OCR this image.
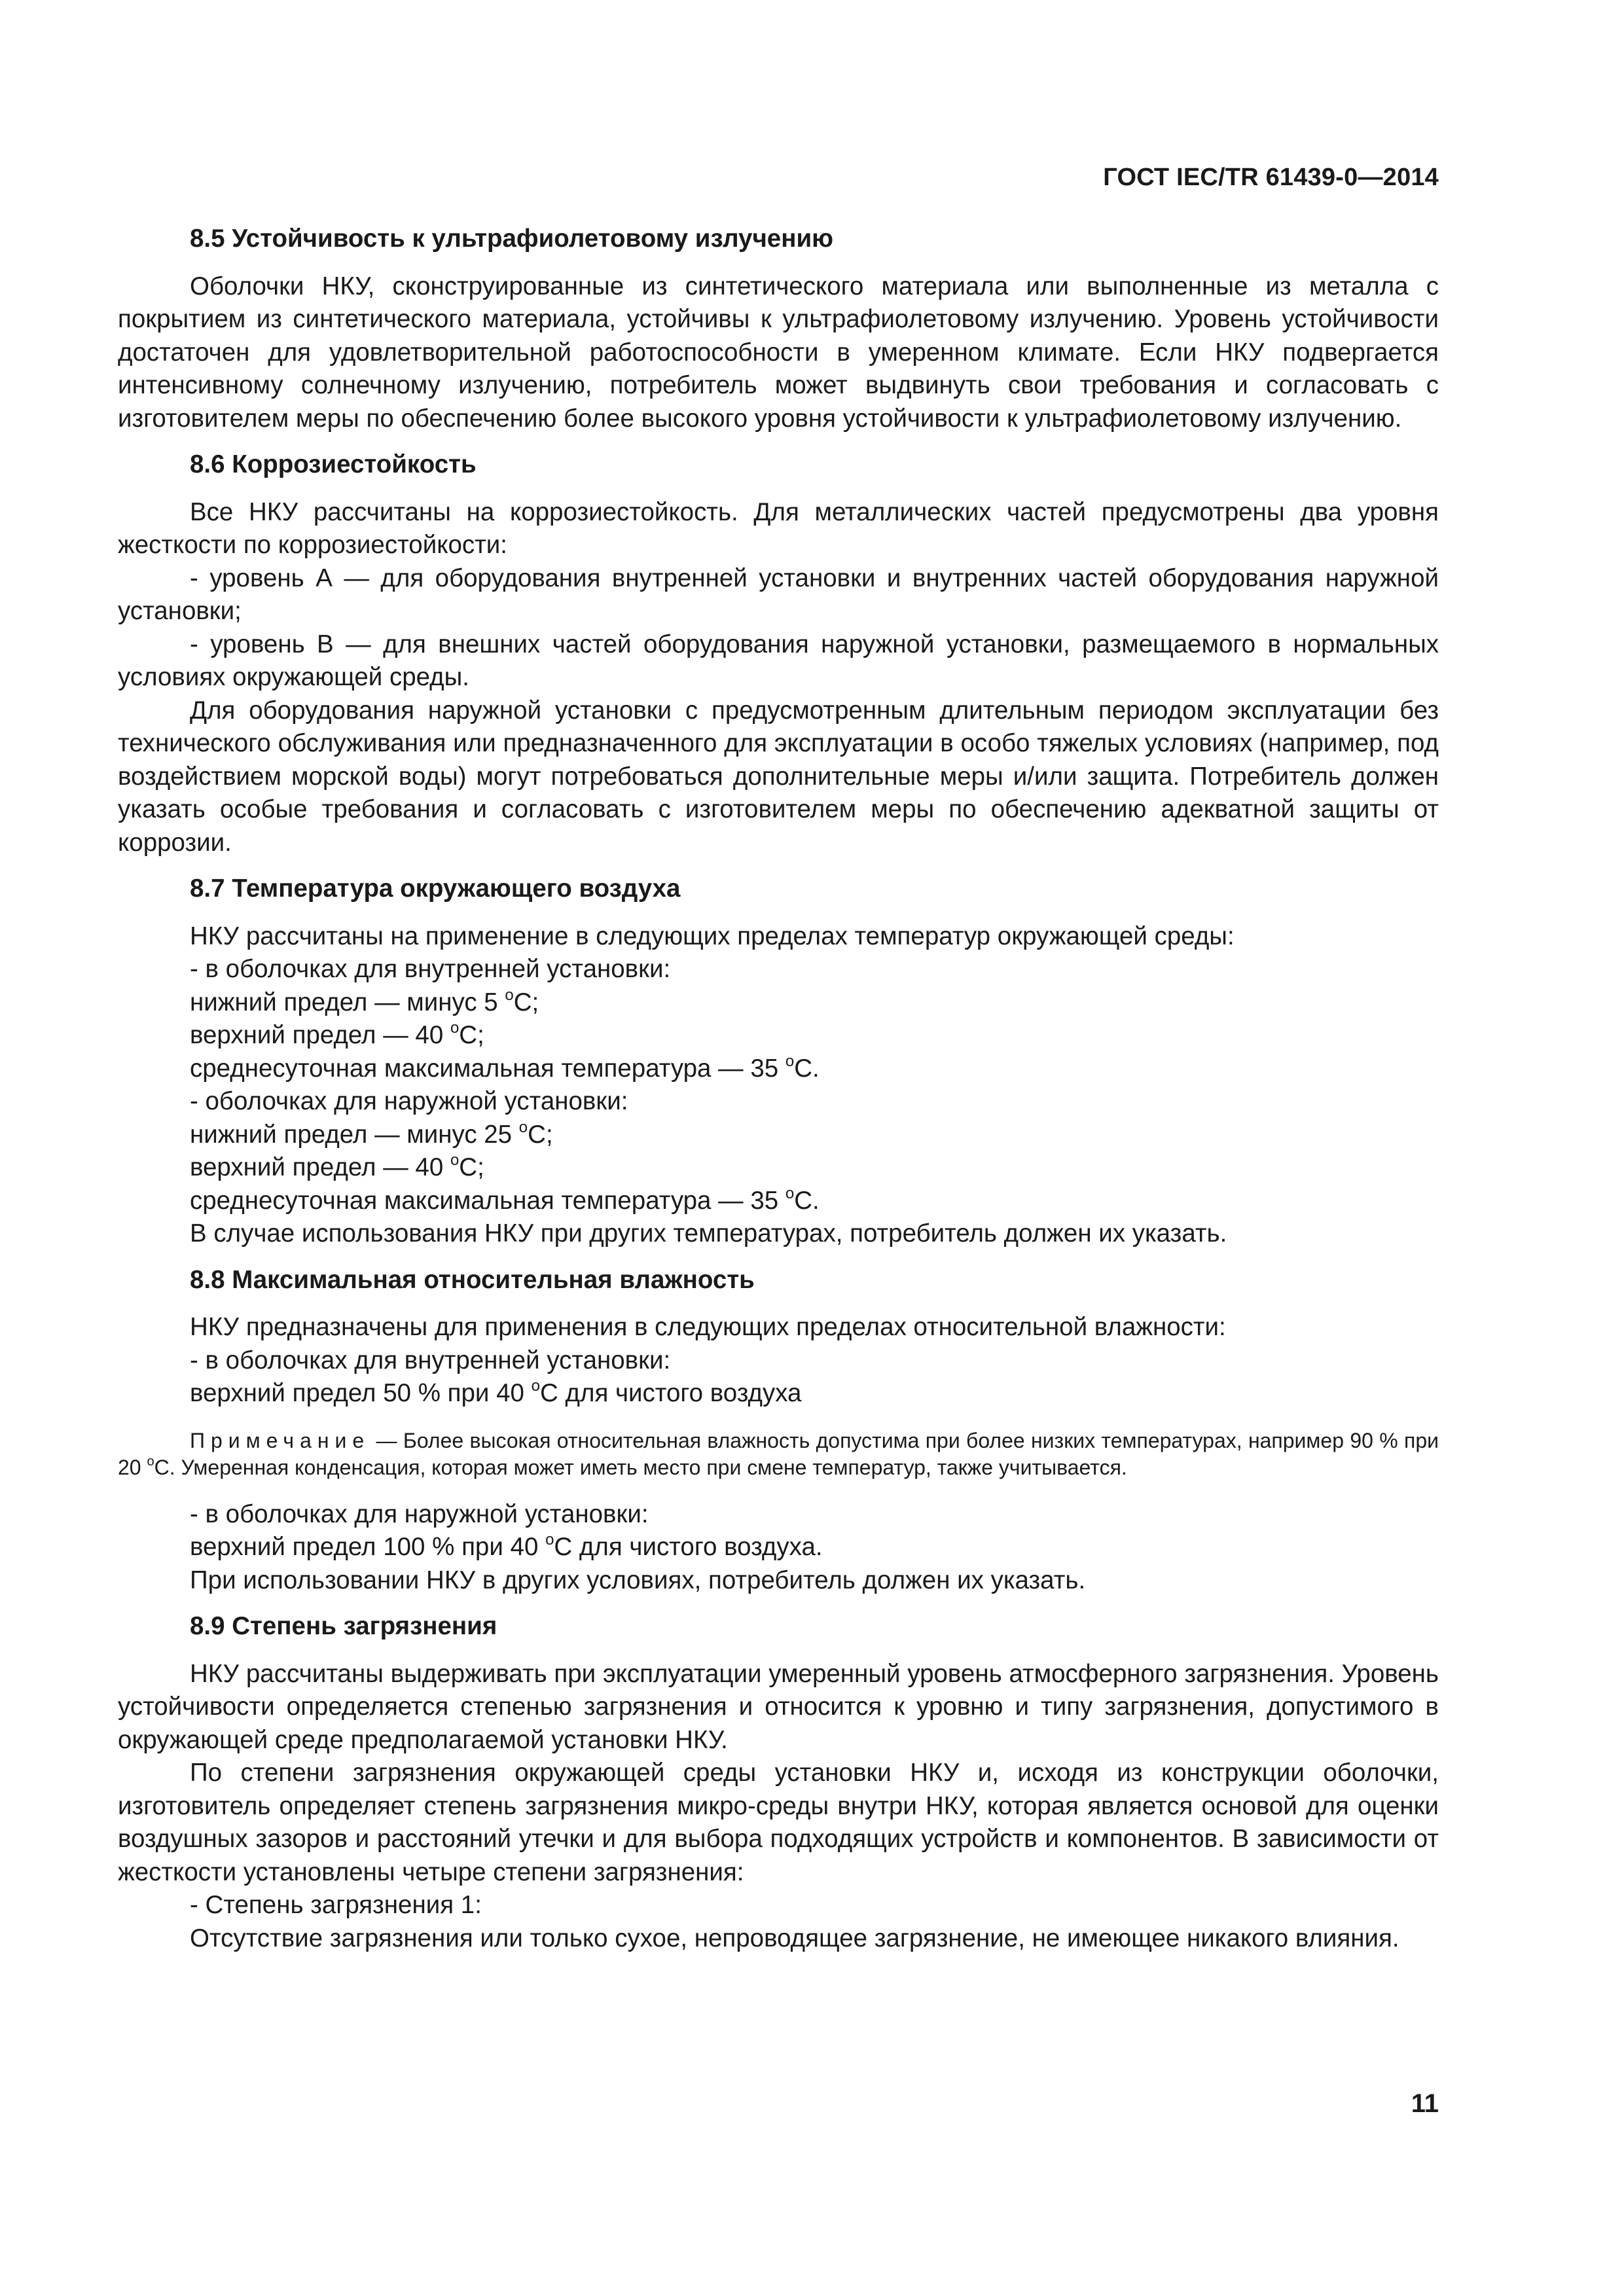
ГОСТ IEC/TR 61439-0—2014
8.5 Устойчивость к ультрафиолетовому излучению

Оболочки НКУ, сконструированные из синтетического материала или выполненные из металла с покрытием из синтетического материала, устойчивы к ультрафиолетовому излучению. Уровень устойчивости достаточен для удовлетворительной работоспособности в умеренном климате. Если НКУ подвергается интенсивному солнечному излучению, потребитель может выдвинуть свои требования и согласовать с изготовителем меры по обеспечению более высокого уровня устойчивости к ультрафиолетовому излучению.

8.6 Коррозиестойкость

Все НКУ рассчитаны на коррозиестойкость. Для металлических частей предусмотрены два уровня жесткости по коррозиестойкости:

- уровень А — для оборудования внутренней установки и внутренних частей оборудования наружной установки;

- уровень В — для внешних частей оборудования наружной установки, размещаемого в нормальных условиях окружающей среды.

Для оборудования наружной установки с предусмотренным длительным периодом эксплуатации без технического обслуживания или предназначенного для эксплуатации в особо тяжелых условиях (например, под воздействием морской воды) могут потребоваться дополнительные меры и/или защита. Потребитель должен указать особые требования и согласовать с изготовителем меры по обеспечению адекватной защиты от коррозии.

8.7 Температура окружающего воздуха

НКУ рассчитаны на применение в следующих пределах температур окружающей среды:

- в оболочках для внутренней установки:

нижний предел — минус 5 $^o$C;

верхний предел — 40 $^o$C;

среднесуточная максимальная температура — 35 $^o$C.

- оболочках для наружной установки:

нижний предел — минус 25 $^o$C;

верхний предел — 40 $^o$C;

среднесуточная максимальная температура — 35 $^o$C.

В случае использования НКУ при других температурах, потребитель должен их указать.

8.8 Максимальная относительная влажность

НКУ предназначены для применения в следующих пределах относительной влажности:

- в оболочках для внутренней установки:

верхний предел 50 % при 40 $^o$С для чистого воздуха

Примечание — Более высокая относительная влажность допустима при более низких температурах, например 90 % при 20 $^o$С. Умеренная конденсация, которая может иметь место при смене температур, также учитывается.

- в оболочках для наружной установки:

верхний предел 100 % при 40 $^o$С для чистого воздуха.

При использовании НКУ в других условиях, потребитель должен их указать.

8.9 Степень загрязнения

НКУ рассчитаны выдерживать при эксплуатации умеренный уровень атмосферного загрязнения. Уровень устойчивости определяется степенью загрязнения и относится к уровню и типу загрязнения, допустимого в окружающей среде предполагаемой установки НКУ.

По степени загрязнения окружающей среды установки НКУ и, исходя из конструкции оболочки, изготовитель определяет степень загрязнения микро-среды внутри НКУ, которая является основой для оценки воздушных зазоров и расстояний утечки и для выбора подходящих устройств и компонентов. В зависимости от жесткости установлены четыре степени загрязнения:

- Степень загрязнения 1:

Отсутствие загрязнения или только сухое, непроводящее загрязнение, не имеющее никакого влияния.

11
